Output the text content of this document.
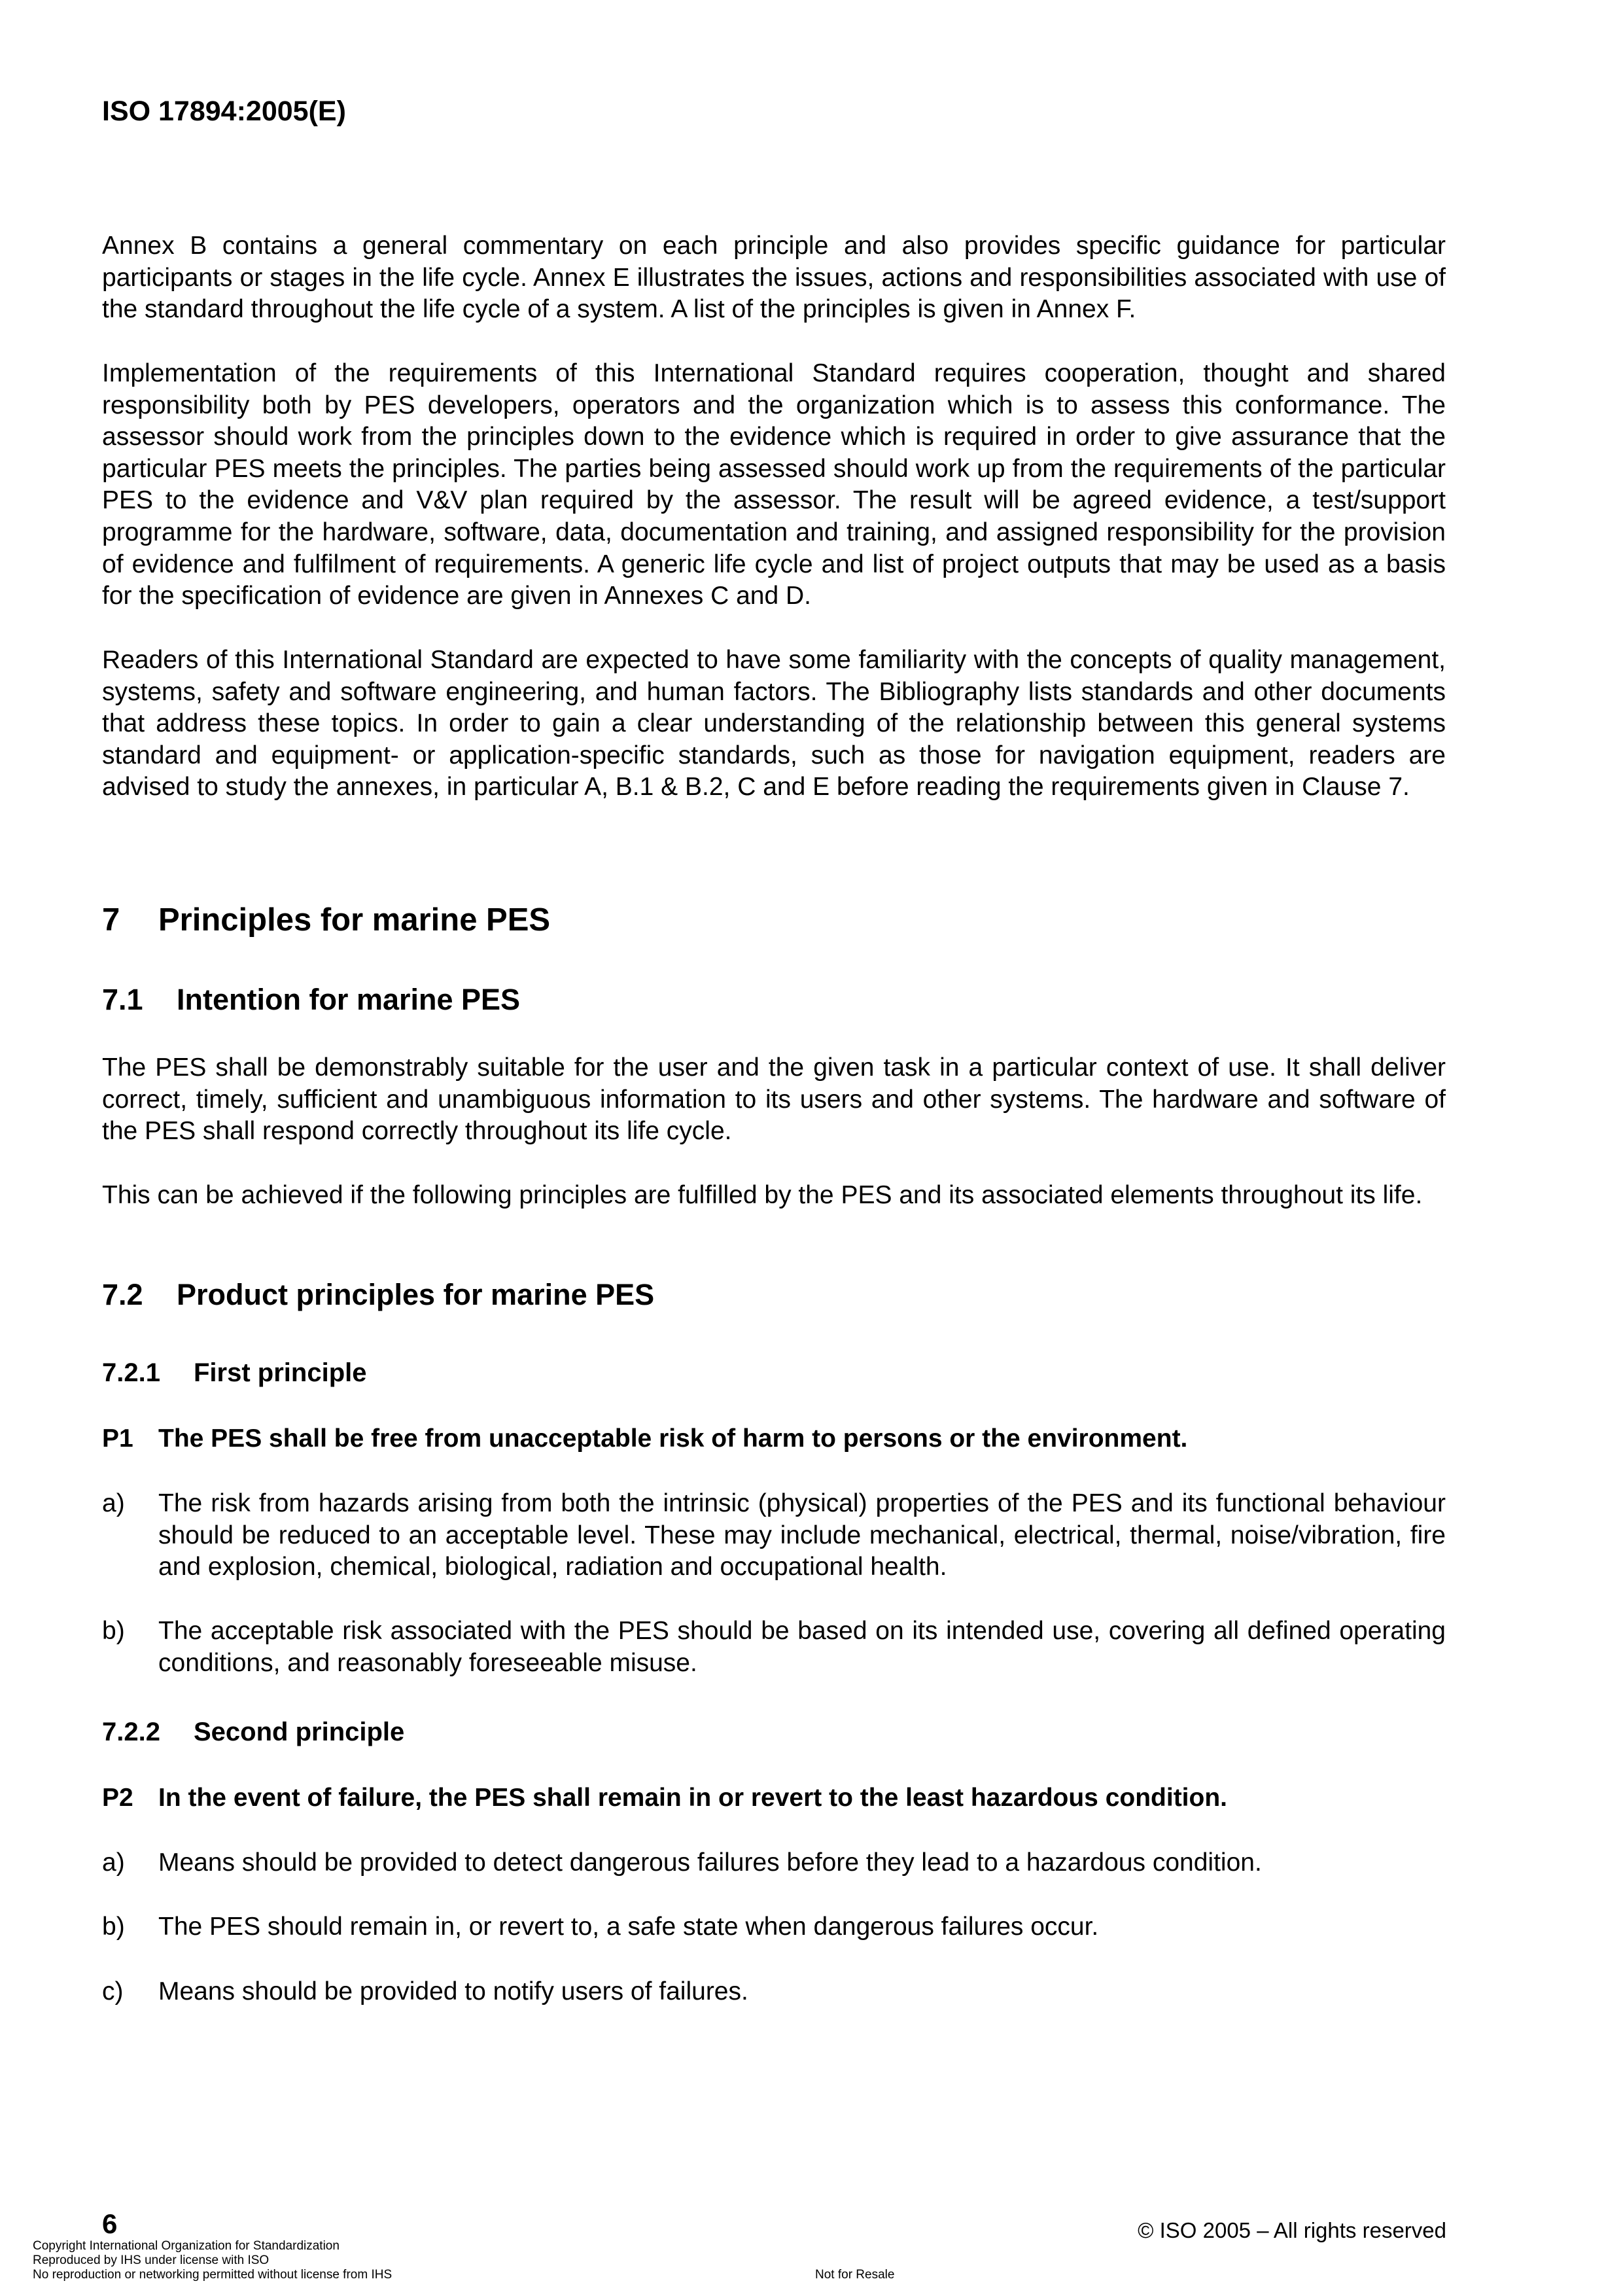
ISO 17894:2005(E)

Annex B contains a general commentary on each principle and also provides specific guidance for particular participants or stages in the life cycle. Annex E illustrates the issues, actions and responsibilities associated with use of the standard throughout the life cycle of a system. A list of the principles is given in Annex F.

Implementation of the requirements of this International Standard requires cooperation, thought and shared responsibility both by PES developers, operators and the organization which is to assess this conformance. The assessor should work from the principles down to the evidence which is required in order to give assurance that the particular PES meets the principles. The parties being assessed should work up from the requirements of the particular PES to the evidence and V&V plan required by the assessor. The result will be agreed evidence, a test/support programme for the hardware, software, data, documentation and training, and assigned responsibility for the provision of evidence and fulfilment of requirements. A generic life cycle and list of project outputs that may be used as a basis for the specification of evidence are given in Annexes C and D.

Readers of this International Standard are expected to have some familiarity with the concepts of quality management, systems, safety and software engineering, and human factors. The Bibliography lists standards and other documents that address these topics. In order to gain a clear understanding of the relationship between this general systems standard and equipment- or application-specific standards, such as those for navigation equipment, readers are advised to study the annexes, in particular A, B.1 & B.2, C and E before reading the requirements given in Clause 7.

7 Principles for marine PES
7.1 Intention for marine PES

The PES shall be demonstrably suitable for the user and the given task in a particular context of use. It shall deliver correct, timely, sufficient and unambiguous information to its users and other systems. The hardware and software of the PES shall respond correctly throughout its life cycle.

This can be achieved if the following principles are fulfilled by the PES and its associated elements throughout its life.

7.2 Product principles for marine PES
7.2.1 First principle

P1 The PES shall be free from unacceptable risk of harm to persons or the environment.

a) The risk from hazards arising from both the intrinsic (physical) properties of the PES and its functional behaviour should be reduced to an acceptable level. These may include mechanical, electrical, thermal, noise/vibration, fire and explosion, chemical, biological, radiation and occupational health.
b) The acceptable risk associated with the PES should be based on its intended use, covering all defined operating conditions, and reasonably foreseeable misuse.
7.2.2 Second principle

P2 In the event of failure, the PES shall remain in or revert to the least hazardous condition.

a) Means should be provided to detect dangerous failures before they lead to a hazardous condition.
b) The PES should remain in, or revert to, a safe state when dangerous failures occur.
c) Means should be provided to notify users of failures.

6	© ISO 2005 – All rights reserved

Copyright International Organization for Standardization

Reproduced by IHS under license with ISO

No reproduction or networking permitted without license from IHS	Not for Resale
